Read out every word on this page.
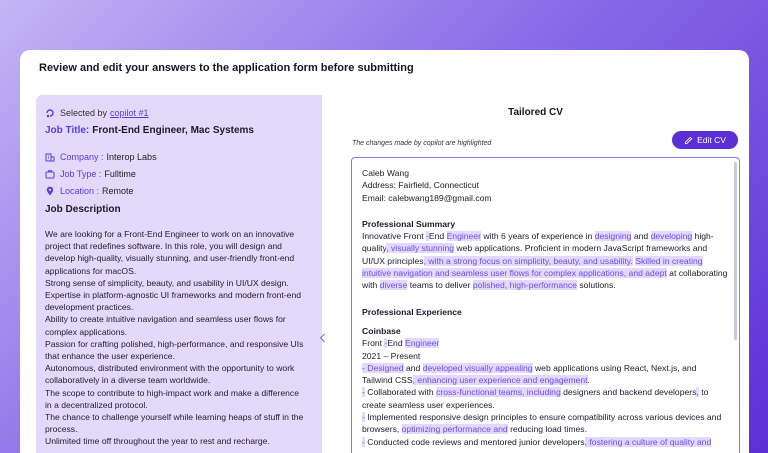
Review and edit your answers to the application form before submitting
Selected by copilot #1
Job Title: Front-End Engineer, Mac Systems
Company : Interop Labs
Job Type : Fulltime
Location : Remote
Job Description
We are looking for a Front-End Engineer to work on an innovative project that redefines software. In this role, you will design and develop high-quality, visually stunning, and user-friendly front-end applications for macOS.
Strong sense of simplicity, beauty, and usability in UI/UX design.
Expertise in platform-agnostic UI frameworks and modern front-end development practices.
Ability to create intuitive navigation and seamless user flows for complex applications.
Passion for crafting polished, high-performance, and responsive UIs that enhance the user experience.
Autonomous, distributed environment with the opportunity to work collaboratively in a diverse team worldwide.
The scope to contribute to high-impact work and make a difference in a decentralized protocol.
The chance to challenge yourself while learning heaps of stuff in the process.
Unlimited time off throughout the year to rest and recharge.
Tailored CV
The changes made by copilot are highlighted	Edit CV
Caleb Wang
Address: Fairfield, Connecticut
Email: calebwang189@gmail.com
Professional Summary
Innovative Front -End Engineer with 6 years of experience in designing and developing high-quality, visually stunning web applications. Proficient in modern JavaScript frameworks and UI/UX principles, with a strong focus on simplicity, beauty, and usability. Skilled in creating intuitive navigation and seamless user flows for complex applications, and adept at collaborating with diverse teams to deliver polished, high-performance solutions.
Professional Experience
Coinbase
Front -End Engineer
2021 – Present
- Designed and developed visually appealing web applications using React, Next.js, and Tailwind CSS, enhancing user experience and engagement.
- Collaborated with cross-functional teams, including designers and backend developers, to create seamless user experiences.
- Implemented responsive design principles to ensure compatibility across various devices and browsers, optimizing performance and reducing load times.
- Conducted code reviews and mentored junior developers, fostering a culture of quality and
